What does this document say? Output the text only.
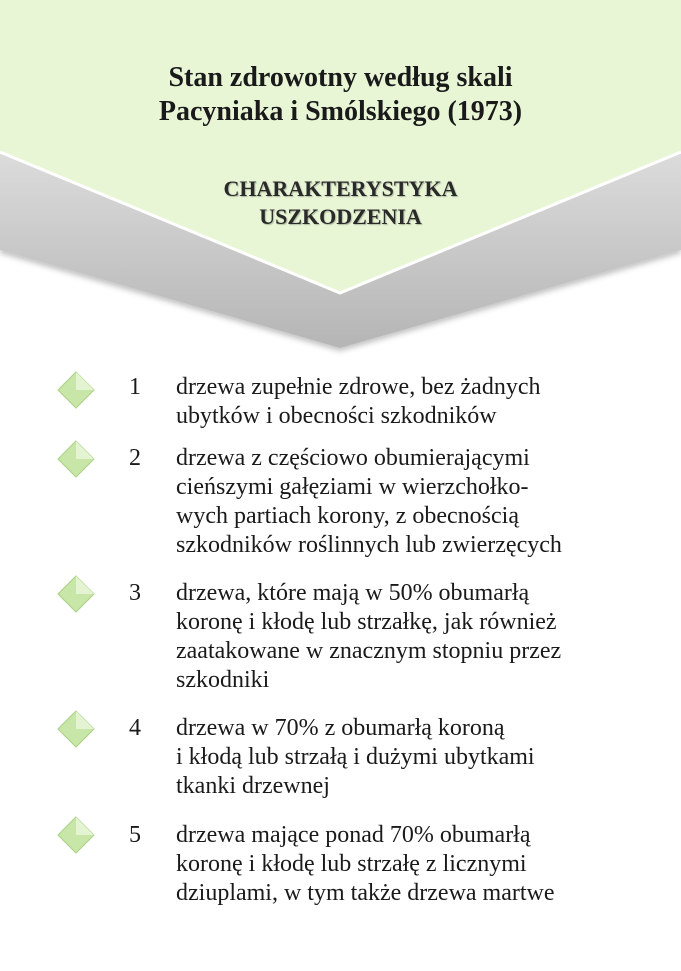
Stan zdrowotny według skali
Pacyniaka i Smólskiego (1973)
CHARAKTERYSTYKA
USZKODZENIA
1	drzewa zupełnie zdrowe, bez żadnych
ubytków i obecności szkodników
2	drzewa z częściowo obumierającymi
cieńszymi gałęziami w wierzchołko-
wych partiach korony, z obecnością
szkodników roślinnych lub zwierzęcych
3	drzewa, które mają w 50% obumarłą
koronę i kłodę lub strzałkę, jak również
zaatakowane w znacznym stopniu przez
szkodniki
4	drzewa w 70% z obumarłą koroną
i kłodą lub strzałą i dużymi ubytkami
tkanki drzewnej
5	drzewa mające ponad 70% obumarłą
koronę i kłodę lub strzałę z licznymi
dziuplami, w tym także drzewa martwe
